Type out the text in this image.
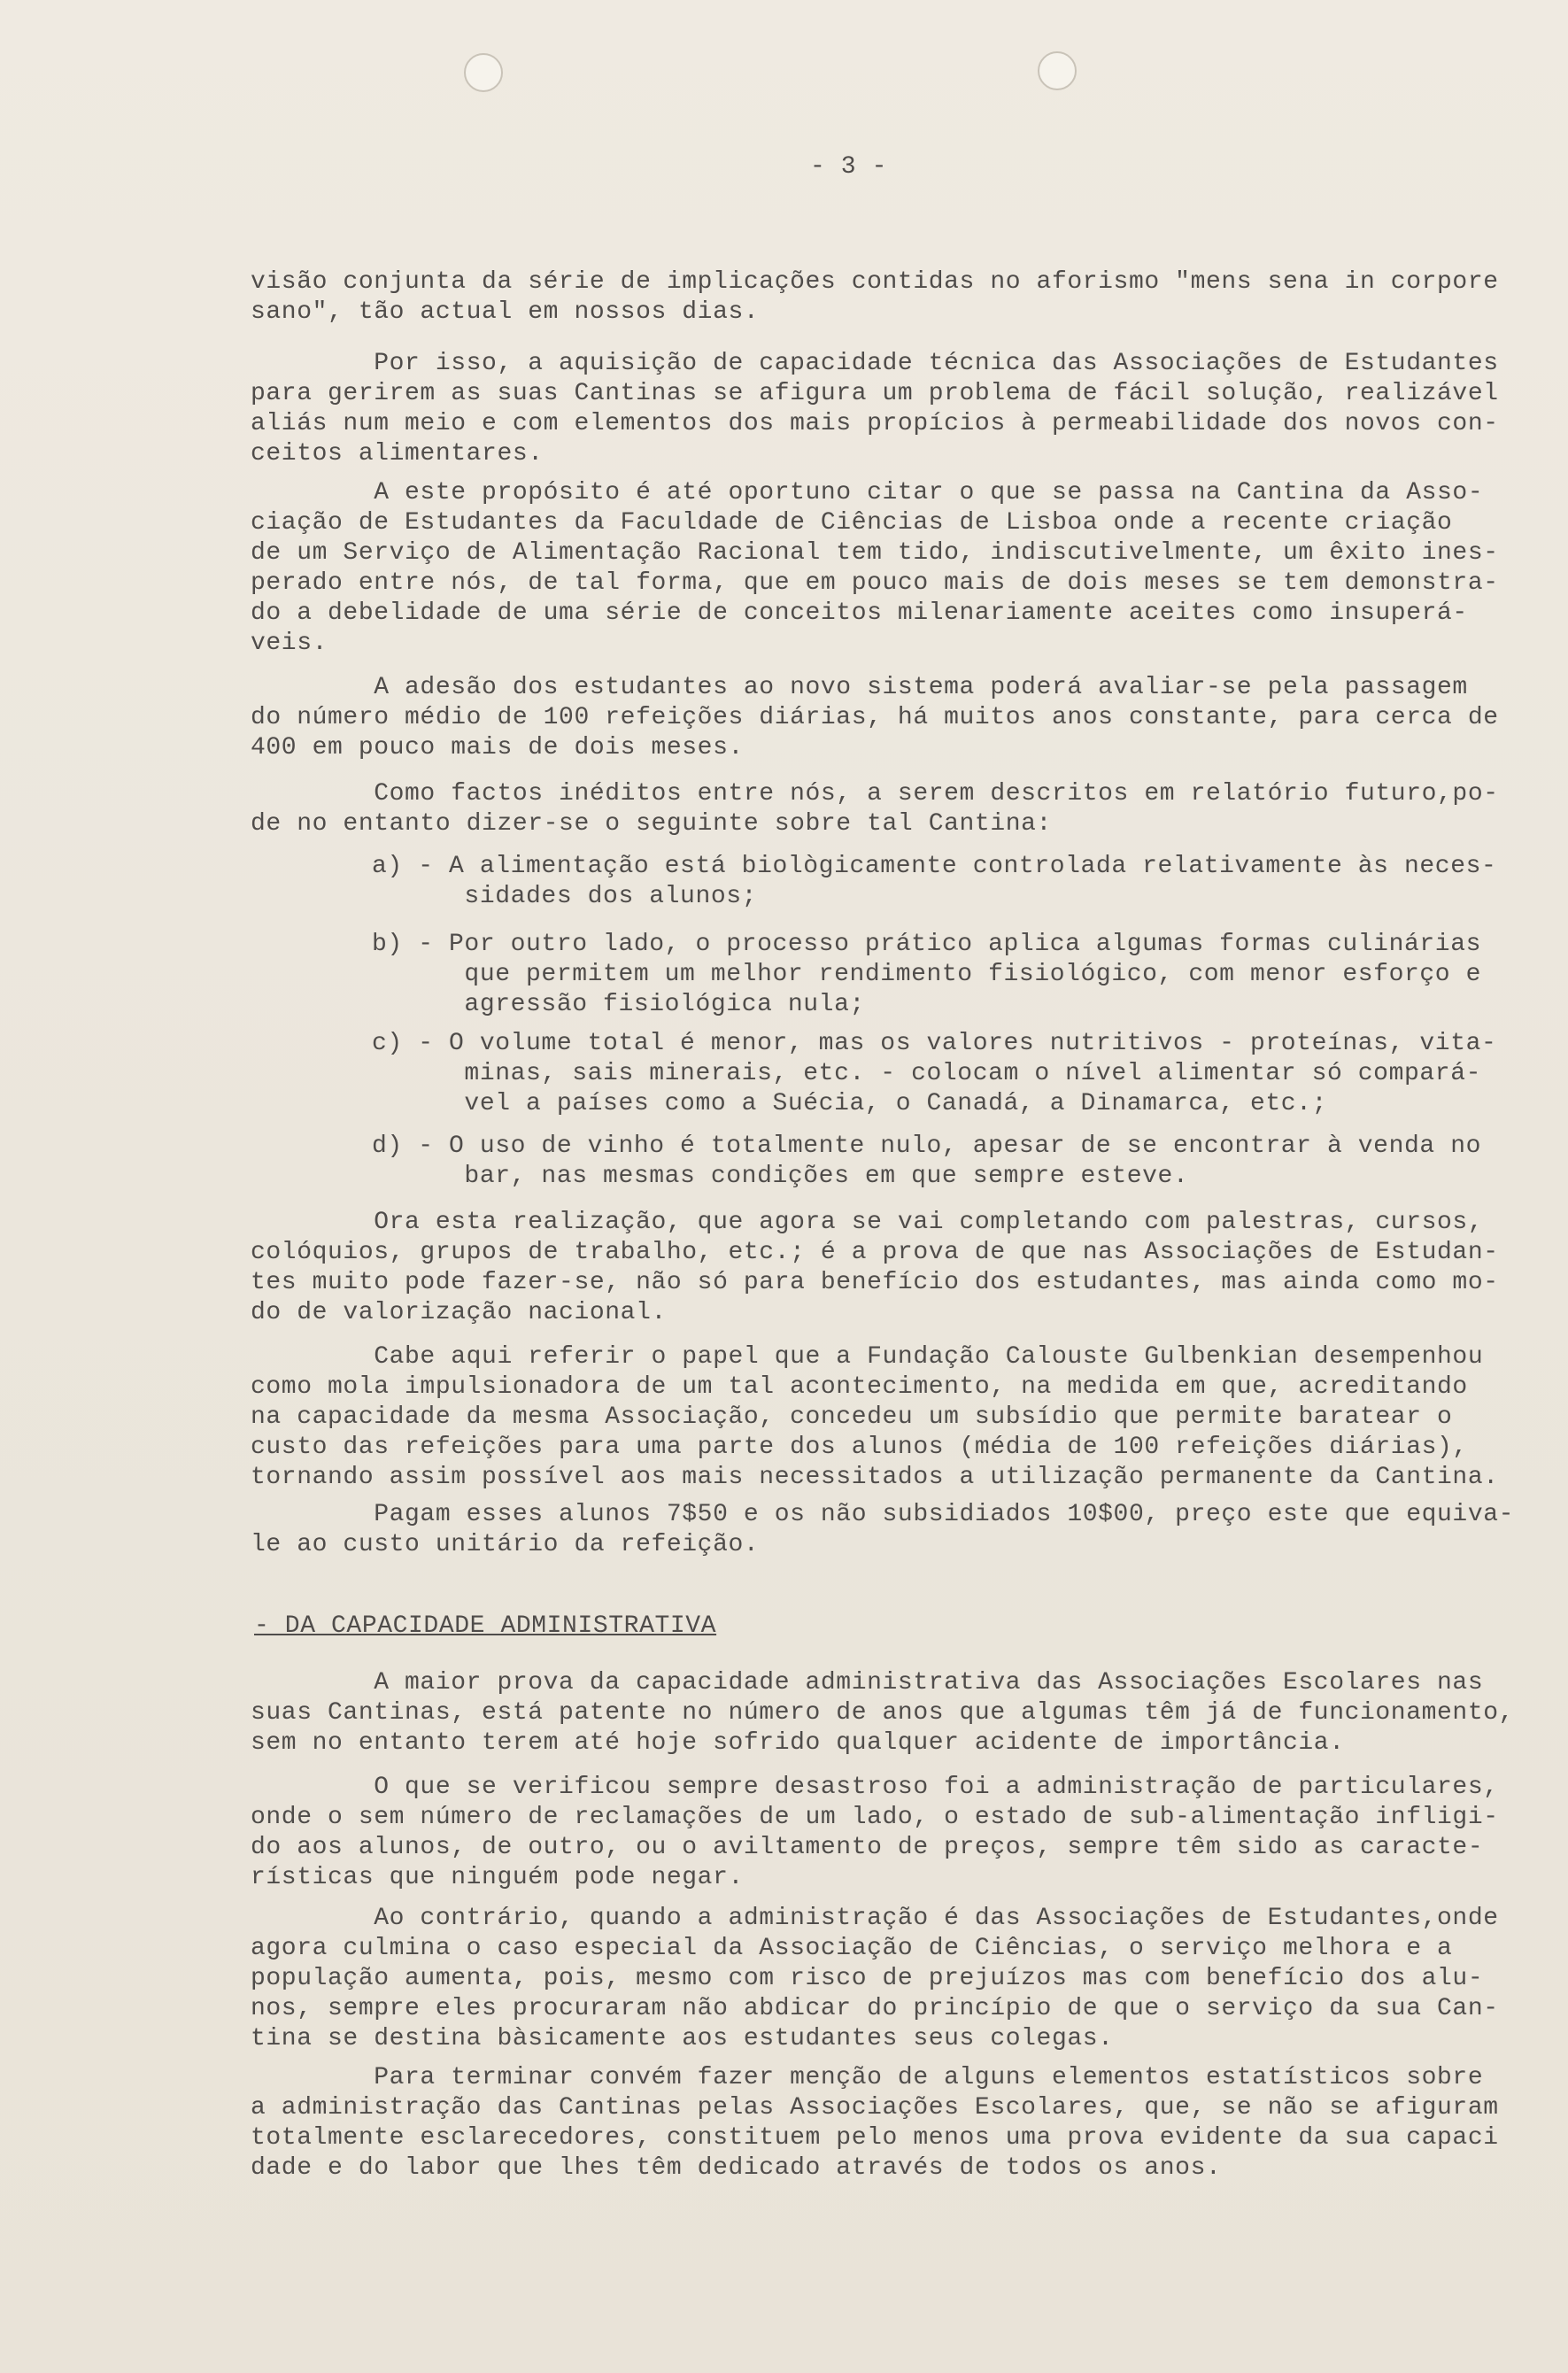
- 3 -
visão conjunta da série de implicações contidas no aforismo "mens sena in corpore
sano", tão actual em nossos dias.
Por isso, a aquisição de capacidade técnica das Associações de Estudantes
para gerirem as suas Cantinas se afigura um problema de fácil solução, realizável
aliás num meio e com elementos dos mais propícios à permeabilidade dos novos con-
ceitos alimentares.
A este propósito é até oportuno citar o que se passa na Cantina da Asso-
ciação de Estudantes da Faculdade de Ciências de Lisboa onde a recente criação
de um Serviço de Alimentação Racional tem tido, indiscutivelmente, um êxito ines-
perado entre nós, de tal forma, que em pouco mais de dois meses se tem demonstra-
do a debelidade de uma série de conceitos milenariamente aceites como insuperá-
veis.
A adesão dos estudantes ao novo sistema poderá avaliar-se pela passagem
do número médio de 100 refeições diárias, há muitos anos constante, para cerca de
400 em pouco mais de dois meses.
Como factos inéditos entre nós, a serem descritos em relatório futuro,po-
de no entanto dizer-se o seguinte sobre tal Cantina:
a) - A alimentação está biològicamente controlada relativamente às neces-
sidades dos alunos;
b) - Por outro lado, o processo prático aplica algumas formas culinárias
que permitem um melhor rendimento fisiológico, com menor esforço e
agressão fisiológica nula;
c) - O volume total é menor, mas os valores nutritivos - proteínas, vita-
minas, sais minerais, etc. - colocam o nível alimentar só compará-
vel a países como a Suécia, o Canadá, a Dinamarca, etc.;
d) - O uso de vinho é totalmente nulo, apesar de se encontrar à venda no
bar, nas mesmas condições em que sempre esteve.
Ora esta realização, que agora se vai completando com palestras, cursos,
colóquios, grupos de trabalho, etc.; é a prova de que nas Associações de Estudan-
tes muito pode fazer-se, não só para benefício dos estudantes, mas ainda como mo-
do de valorização nacional.
Cabe aqui referir o papel que a Fundação Calouste Gulbenkian desempenhou
como mola impulsionadora de um tal acontecimento, na medida em que, acreditando
na capacidade da mesma Associação, concedeu um subsídio que permite baratear o
custo das refeições para uma parte dos alunos (média de 100 refeições diárias),
tornando assim possível aos mais necessitados a utilização permanente da Cantina.
Pagam esses alunos 7$50 e os não subsidiados 10$00, preço este que equiva-
le ao custo unitário da refeição.
- DA CAPACIDADE ADMINISTRATIVA
A maior prova da capacidade administrativa das Associações Escolares nas
suas Cantinas, está patente no número de anos que algumas têm já de funcionamento,
sem no entanto terem até hoje sofrido qualquer acidente de importância.
O que se verificou sempre desastroso foi a administração de particulares,
onde o sem número de reclamações de um lado, o estado de sub-alimentação infligi-
do aos alunos, de outro, ou o aviltamento de preços, sempre têm sido as caracte-
rísticas que ninguém pode negar.
Ao contrário, quando a administração é das Associações de Estudantes,onde
agora culmina o caso especial da Associação de Ciências, o serviço melhora e a
população aumenta, pois, mesmo com risco de prejuízos mas com benefício dos alu-
nos, sempre eles procuraram não abdicar do princípio de que o serviço da sua Can-
tina se destina bàsicamente aos estudantes seus colegas.
Para terminar convém fazer menção de alguns elementos estatísticos sobre
a administração das Cantinas pelas Associações Escolares, que, se não se afiguram
totalmente esclarecedores, constituem pelo menos uma prova evidente da sua capaci
dade e do labor que lhes têm dedicado através de todos os anos.
